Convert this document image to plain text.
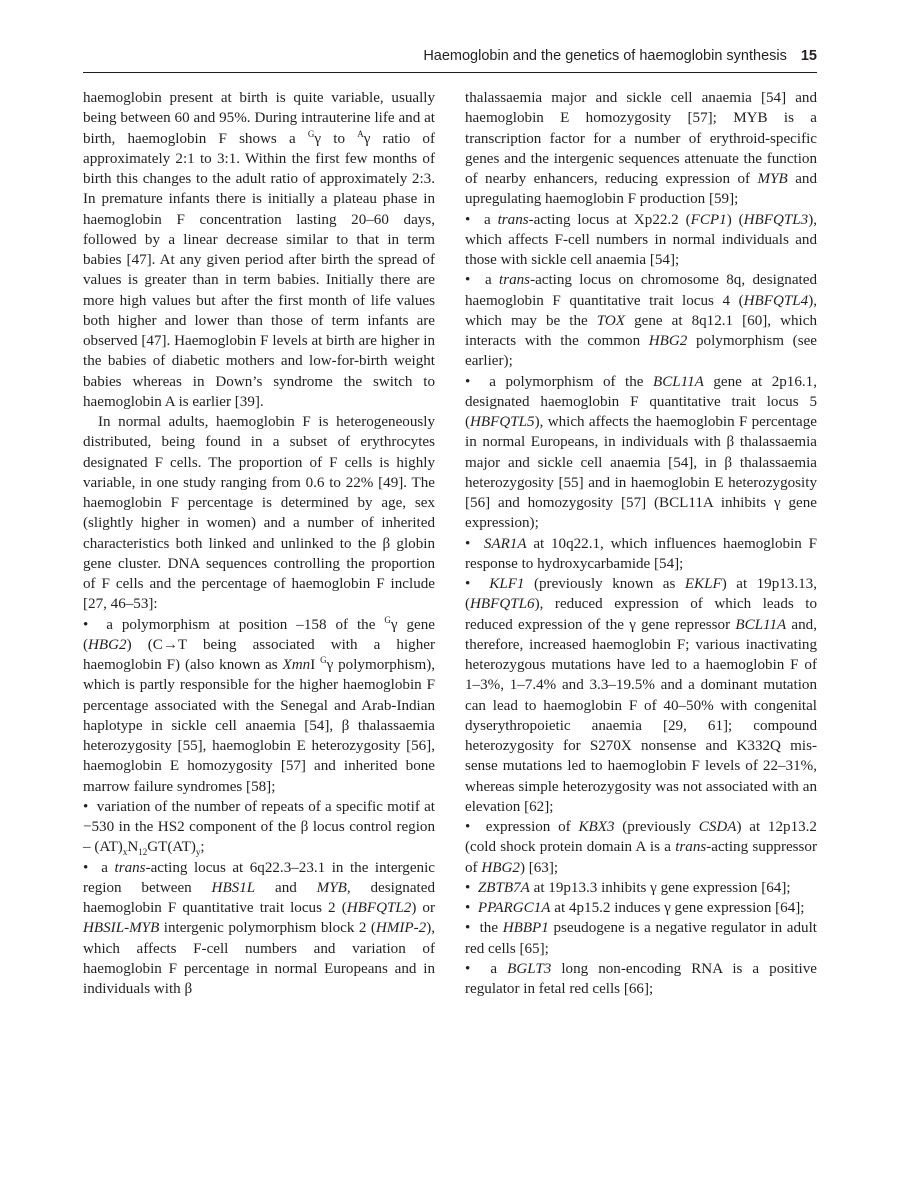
Haemoglobin and the genetics of haemoglobin synthesis 15

haemoglobin present at birth is quite variable, usually being between 60 and 95%. During intrauterine life and at birth, haemoglobin F shows a $^G$γ to $^A$γ ratio of approximately 2:1 to 3:1. Within the first few months of birth this changes to the adult ratio of approximately 2:3. In premature infants there is initially a plateau phase in haemoglobin F concentration lasting 20–60 days, followed by a linear decrease similar to that in term babies [47]. At any given period after birth the spread of values is greater than in term babies. Initially there are more high values but after the first month of life values both higher and lower than those of term infants are observed [47]. Haemoglobin F levels at birth are higher in the babies of diabetic mothers and low-for-birth weight babies whereas in Down’s syndrome the switch to haemoglobin A is earlier [39].

In normal adults, haemoglobin F is heterogeneously distributed, being found in a subset of erythrocytes designated F cells. The proportion of F cells is highly variable, in one study ranging from 0.6 to 22% [49]. The haemoglobin F percentage is determined by age, sex (slightly higher in women) and a number of inherited characteristics both linked and unlinked to the β globin gene cluster. DNA sequences controlling the proportion of F cells and the percentage of haemoglobin F include [27, 46–53]:

•  a polymorphism at position –158 of the $^G$γ gene (HBG2) (C→T being associated with a higher haemoglobin F) (also known as XmnI $^G$γ polymorphism), which is partly responsible for the higher haemoglobin F percentage associated with the Senegal and Arab-Indian haplotype in sickle cell anaemia [54], β thalassaemia heterozygosity [55], haemoglobin E heterozygosity [56], haemoglobin E homozygosity [57] and inherited bone marrow failure syndromes [58];

•  variation of the number of repeats of a specific motif at −530 in the HS2 component of the β locus control region – $(AT)_xN_{12}GT(AT)_y$;

•  a trans-acting locus at 6q22.3–23.1 in the intergenic region between HBS1L and MYB, designated haemoglobin F quantitative trait locus 2 (HBFQTL2) or HBSIL-MYB intergenic polymorphism block 2 (HMIP-2), which affects F-cell numbers and variation of haemoglobin F percentage in normal Europeans and in individuals with β

thalassaemia major and sickle cell anaemia [54] and haemoglobin E homozygosity [57]; MYB is a transcription factor for a number of erythroid-specific genes and the intergenic sequences attenuate the function of nearby enhancers, reducing expression of MYB and upregulating haemoglobin F production [59];

•  a trans-acting locus at Xp22.2 (FCP1) (HBFQTL3), which affects F-cell numbers in normal individuals and those with sickle cell anaemia [54];

•  a trans-acting locus on chromosome 8q, designated haemoglobin F quantitative trait locus 4 (HBFQTL4), which may be the TOX gene at 8q12.1 [60], which interacts with the common HBG2 polymorphism (see earlier);

•  a polymorphism of the BCL11A gene at 2p16.1, designated haemoglobin F quantitative trait locus 5 (HBFQTL5), which affects the haemoglobin F percentage in normal Europeans, in individuals with β thalassaemia major and sickle cell anaemia [54], in β thalassaemia heterozygosity [55] and in haemoglobin E heterozygosity [56] and homozygosity [57] (BCL11A inhibits γ gene expression);

•  SAR1A at 10q22.1, which influences haemoglobin F response to hydroxycarbamide [54];

•  KLF1 (previously known as EKLF) at 19p13.13, (HBFQTL6), reduced expression of which leads to reduced expression of the γ gene repressor BCL11A and, therefore, increased haemoglobin F; various inactivating heterozygous mutations have led to a haemoglobin F of 1–3%, 1–7.4% and 3.3–19.5% and a dominant mutation can lead to haemoglobin F of 40–50% with congenital dyserythropoietic anaemia [29, 61]; compound heterozygosity for S270X nonsense and K332Q mis-sense mutations led to haemoglobin F levels of 22–31%, whereas simple heterozygosity was not associated with an elevation [62];

•  expression of KBX3 (previously CSDA) at 12p13.2 (cold shock protein domain A is a trans-acting suppressor of HBG2) [63];

•  ZBTB7A at 19p13.3 inhibits γ gene expression [64];

•  PPARGC1A at 4p15.2 induces γ gene expression [64];

•  the HBBP1 pseudogene is a negative regulator in adult red cells [65];

•  a BGLT3 long non-encoding RNA is a positive regulator in fetal red cells [66];
